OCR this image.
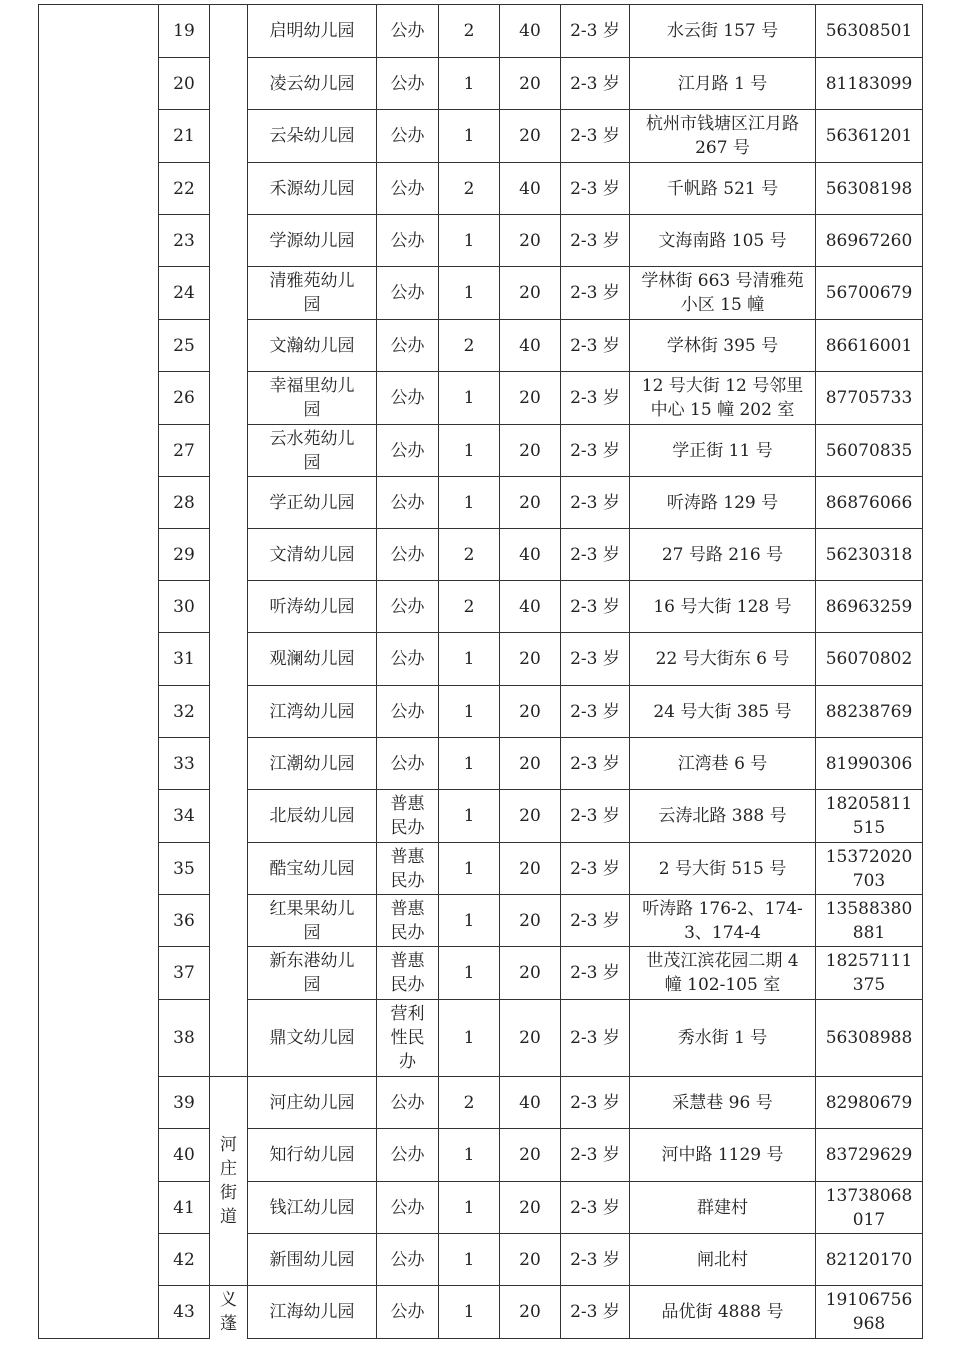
	19		启明幼儿园	公办	2	40	2-3 岁	水云街 157 号	56308501
	20		凌云幼儿园	公办	1	20	2-3 岁	江月路 1 号	81183099
	21		云朵幼儿园	公办	1	20	2-3 岁	杭州市钱塘区江月路 267 号	56361201
	22		禾源幼儿园	公办	2	40	2-3 岁	千帆路 521 号	56308198
	23		学源幼儿园	公办	1	20	2-3 岁	文海南路 105 号	86967260
	24		清雅苑幼儿园	公办	1	20	2-3 岁	学林街 663 号清雅苑小区 15 幢	56700679
	25		文瀚幼儿园	公办	2	40	2-3 岁	学林街 395 号	86616001
	26		幸福里幼儿园	公办	1	20	2-3 岁	12 号大街 12 号邻里中心 15 幢 202 室	87705733
	27		云水苑幼儿园	公办	1	20	2-3 岁	学正街 11 号	56070835
	28		学正幼儿园	公办	1	20	2-3 岁	听涛路 129 号	86876066
	29		文清幼儿园	公办	2	40	2-3 岁	27 号路 216 号	56230318
	30		听涛幼儿园	公办	2	40	2-3 岁	16 号大街 128 号	86963259
	31		观澜幼儿园	公办	1	20	2-3 岁	22 号大街东 6 号	56070802
	32		江湾幼儿园	公办	1	20	2-3 岁	24 号大街 385 号	88238769
	33		江潮幼儿园	公办	1	20	2-3 岁	江湾巷 6 号	81990306
	34		北辰幼儿园	普惠民办	1	20	2-3 岁	云涛北路 388 号	18205811515
	35		酷宝幼儿园	普惠民办	1	20	2-3 岁	2 号大街 515 号	15372020703
	36		红果果幼儿园	普惠民办	1	20	2-3 岁	听涛路 176-2、174-3、174-4	13588380881
	37		新东港幼儿园	普惠民办	1	20	2-3 岁	世茂江滨花园二期 4 幢 102-105 室	18257111375
	38		鼎文幼儿园	营利性民办	1	20	2-3 岁	秀水街 1 号	56308988
	39	河庄街道	河庄幼儿园	公办	2	40	2-3 岁	采慧巷 96 号	82980679
	40		知行幼儿园	公办	1	20	2-3 岁	河中路 1129 号	83729629
	41		钱江幼儿园	公办	1	20	2-3 岁	群建村	13738068017
	42		新围幼儿园	公办	1	20	2-3 岁	闸北村	82120170
	43	义蓬	江海幼儿园	公办	1	20	2-3 岁	品优街 4888 号	19106756968
